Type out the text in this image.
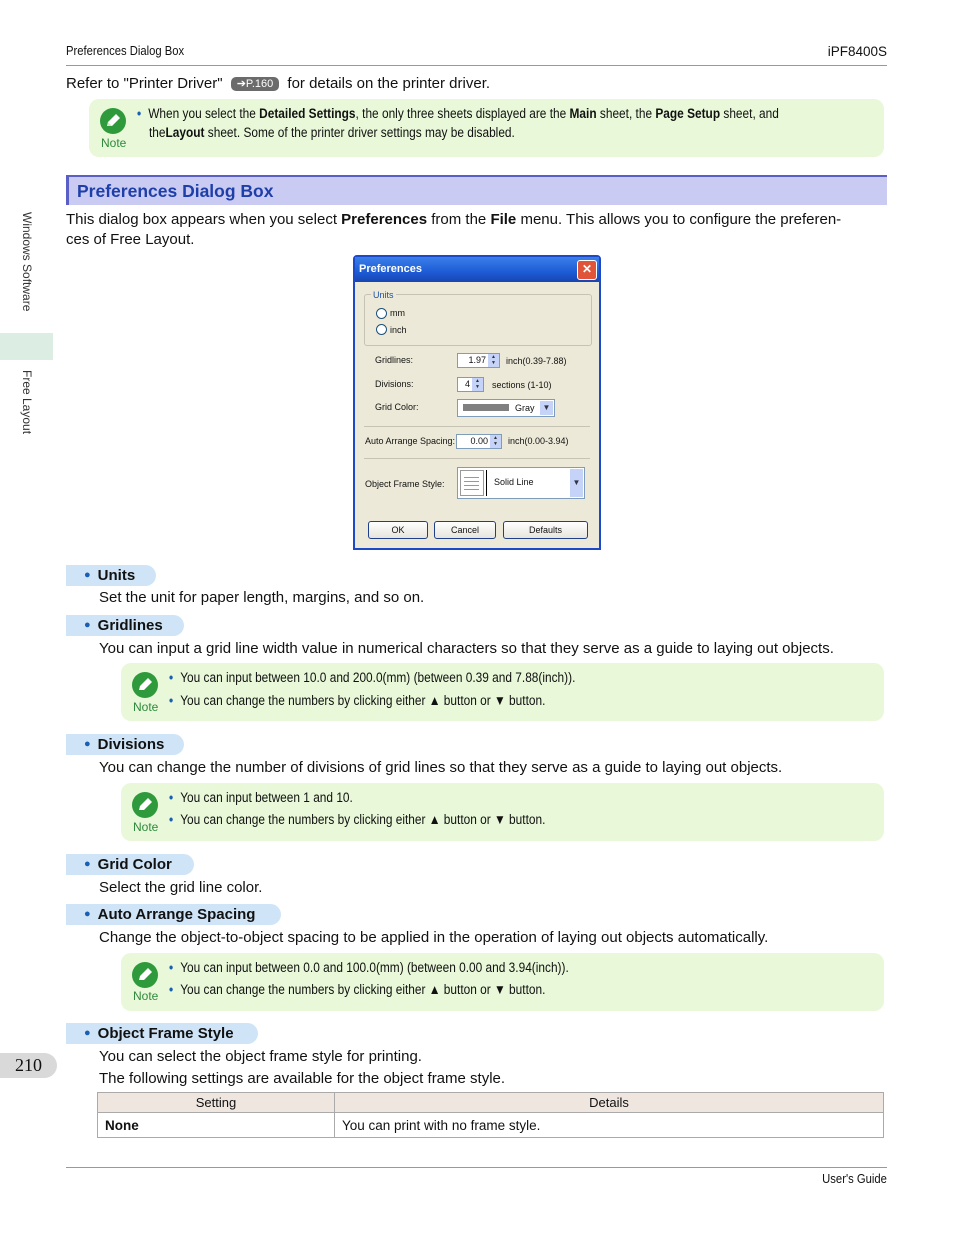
Preferences Dialog Box	iPF8400S
Windows Software
Free Layout
210
Refer to "Printer Driver" ➔P.160 for details on the printer driver.
Note
• When you select the Detailed Settings, the only three sheets displayed are the Main sheet, the Page Setup sheet, and
theLayout sheet. Some of the printer driver settings may be disabled.
Preferences Dialog Box
This dialog box appears when you select Preferences from the File menu. This allows you to configure the preferen-
ces of Free Layout.
Preferences	✕
Units
mm
inch
Gridlines:	1.97	▲
▼	inch(0.39-7.88)
Divisions:	4	▲
▼	sections (1-10)
Grid Color:	Gray	▼
Auto Arrange Spacing:	0.00	▲
▼	inch(0.00-3.94)
Object Frame Style:	Solid Line	▼
OK	Cancel	Defaults
● Units
Set the unit for paper length, margins, and so on.
● Gridlines
You can input a grid line width value in numerical characters so that they serve as a guide to laying out objects.
Note
• You can input between 10.0 and 200.0(mm) (between 0.39 and 7.88(inch)).
• You can change the numbers by clicking either ▲ button or ▼ button.
● Divisions
You can change the number of divisions of grid lines so that they serve as a guide to laying out objects.
Note
• You can input between 1 and 10.
• You can change the numbers by clicking either ▲ button or ▼ button.
● Grid Color
Select the grid line color.
● Auto Arrange Spacing
Change the object-to-object spacing to be applied in the operation of laying out objects automatically.
Note
• You can input between 0.0 and 100.0(mm) (between 0.00 and 3.94(inch)).
• You can change the numbers by clicking either ▲ button or ▼ button.
● Object Frame Style
You can select the object frame style for printing.
The following settings are available for the object frame style.
Setting	Details
None	You can print with no frame style.
User's Guide
